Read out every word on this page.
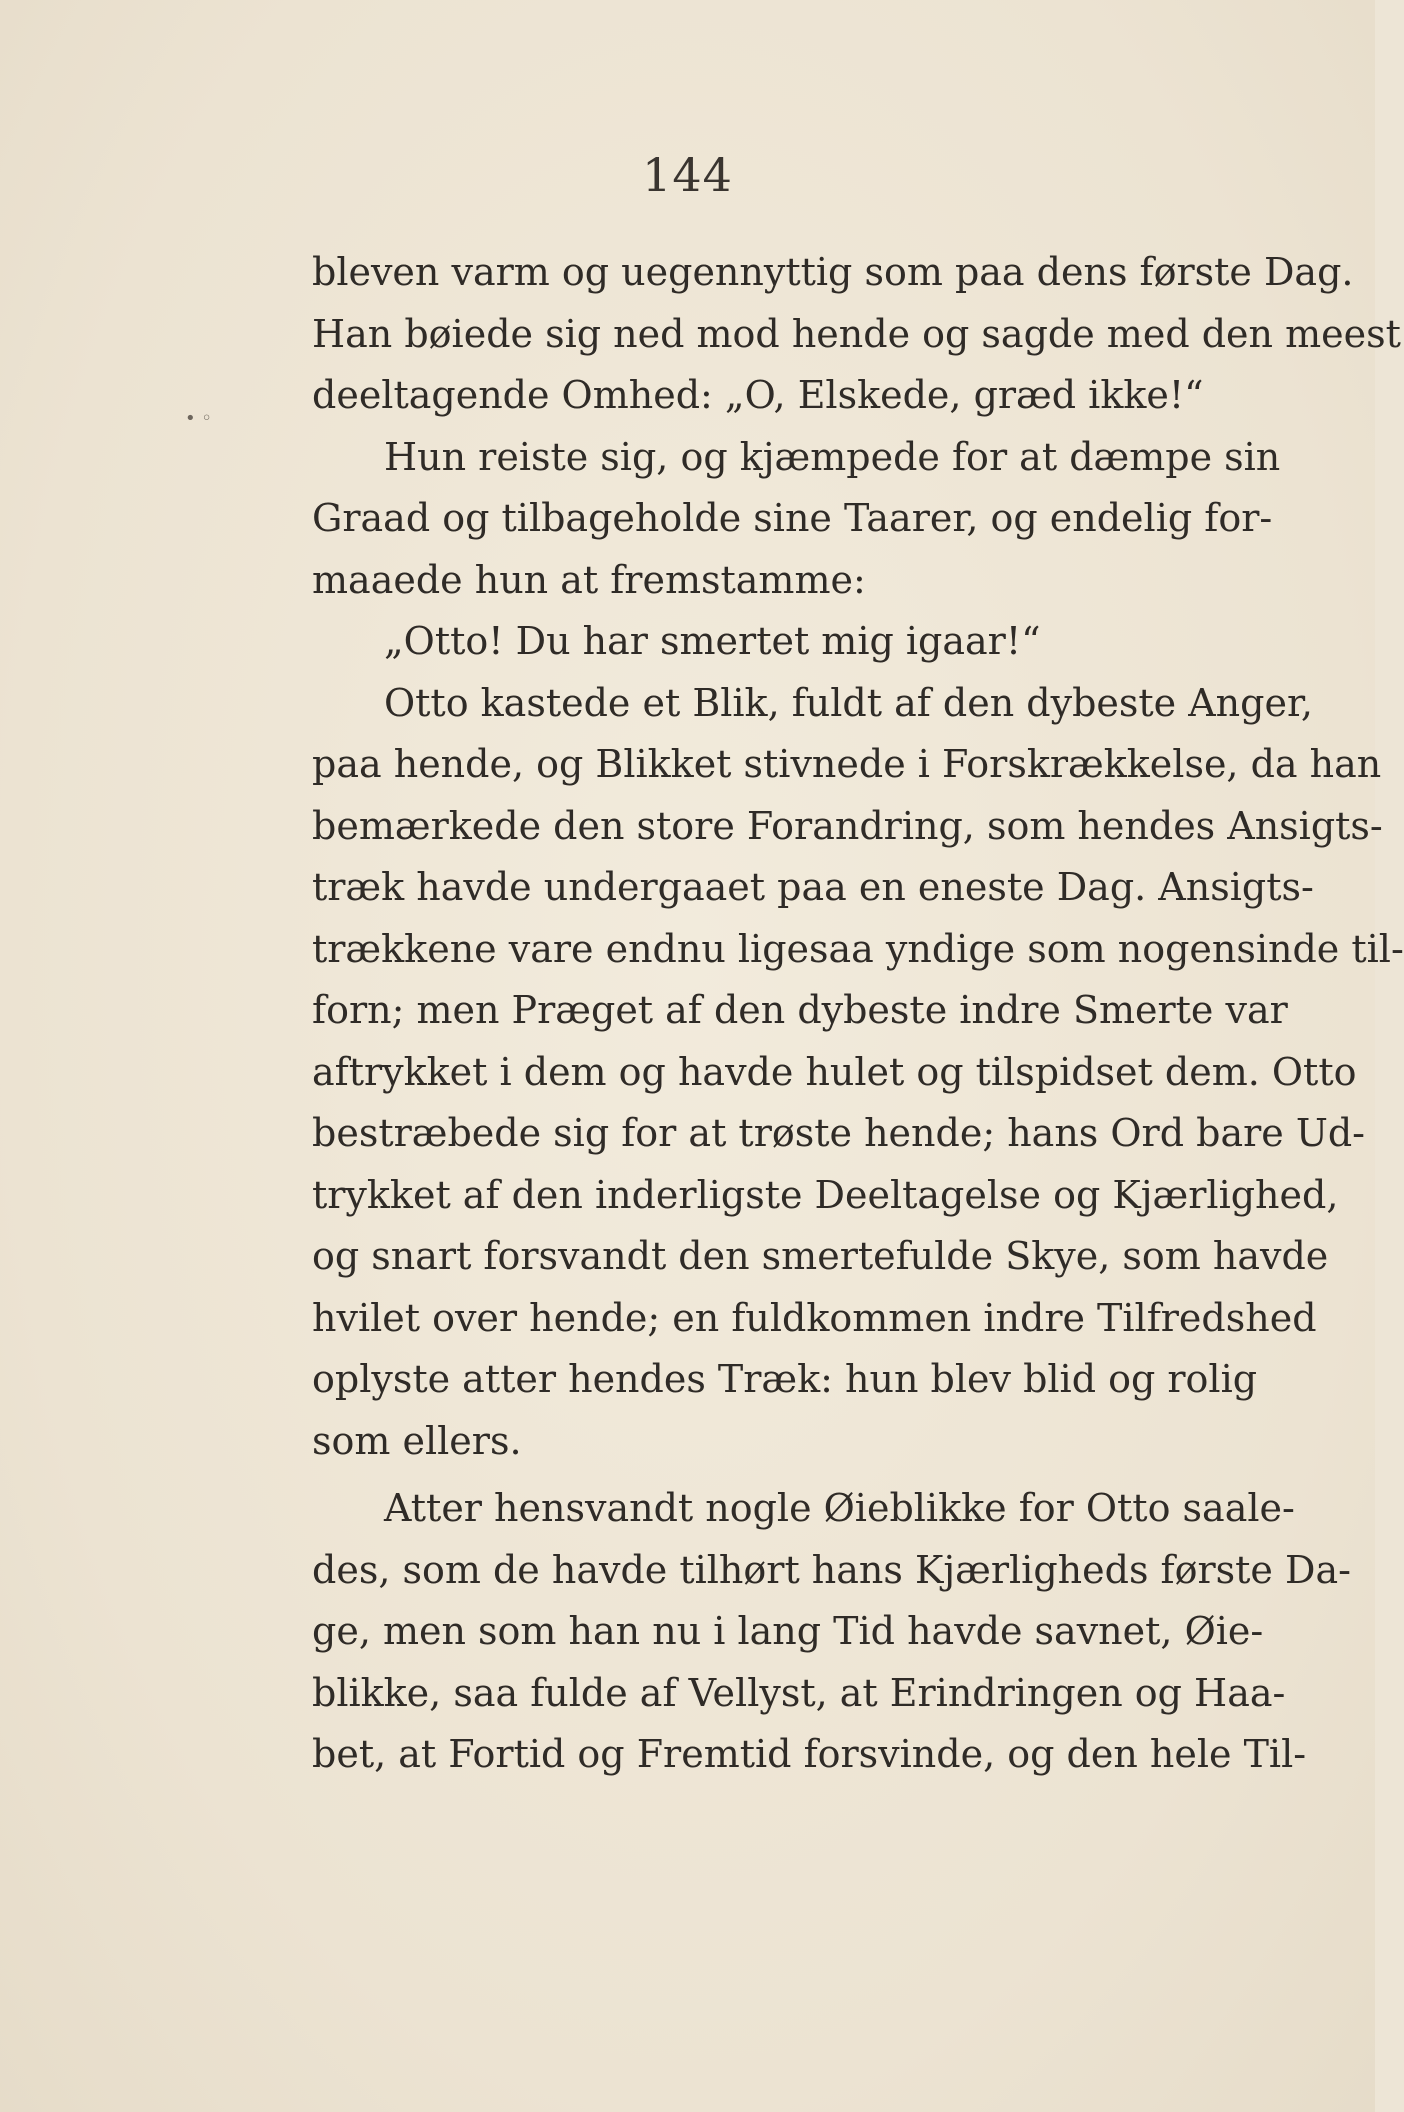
• ◦
144
bleven varm og uegennyttig som paa dens første Dag.
Han bøiede sig ned mod hende og sagde med den meest
deeltagende Omhed: „O, Elskede, græd ikke!“
Hun reiste sig, og kjæmpede for at dæmpe sin
Graad og tilbageholde sine Taarer, og endelig for-
maaede hun at fremstamme:
„Otto! Du har smertet mig igaar!“
Otto kastede et Blik, fuldt af den dybeste Anger,
paa hende, og Blikket stivnede i Forskrækkelse, da han
bemærkede den store Forandring, som hendes Ansigts-
træk havde undergaaet paa en eneste Dag. Ansigts-
trækkene vare endnu ligesaa yndige som nogensinde til-
forn; men Præget af den dybeste indre Smerte var
aftrykket i dem og havde hulet og tilspidset dem. Otto
bestræbede sig for at trøste hende; hans Ord bare Ud-
trykket af den inderligste Deeltagelse og Kjærlighed,
og snart forsvandt den smertefulde Skye, som havde
hvilet over hende; en fuldkommen indre Tilfredshed
oplyste atter hendes Træk: hun blev blid og rolig
som ellers.
Atter hensvandt nogle Øieblikke for Otto saale-
des, som de havde tilhørt hans Kjærligheds første Da-
ge, men som han nu i lang Tid havde savnet, Øie-
blikke, saa fulde af Vellyst, at Erindringen og Haa-
bet, at Fortid og Fremtid forsvinde, og den hele Til-
